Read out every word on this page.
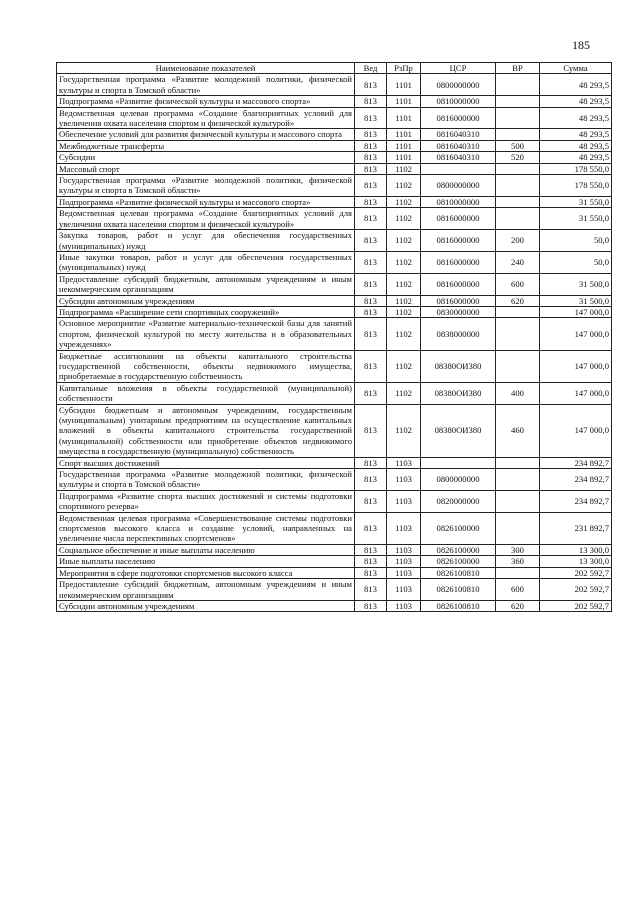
185
Наименование показателей	Вед	РзПр	ЦСР	ВР	Сумма
Государственная программа «Развитие молодежной политики, физической культуры и спорта в Томской области»	813	1101	0800000000		48 293,5
Подпрограмма «Развитие физической культуры и массового спорта»	813	1101	0810000000		48 293,5
Ведомственная целевая программа «Создание благоприятных условий для увеличения охвата населения спортом и физической культурой»	813	1101	0816000000		48 293,5
Обеспечение условий для развития физической культуры и массового спорта	813	1101	0816040310		48 293,5
Межбюджетные трансферты	813	1101	0816040310	500	48 293,5
Субсидии	813	1101	0816040310	520	48 293,5
Массовый спорт	813	1102			178 550,0
Государственная программа «Развитие молодежной политики, физической культуры и спорта в Томской области»	813	1102	0800000000		178 550,0
Подпрограмма «Развитие физической культуры и массового спорта»	813	1102	0810000000		31 550,0
Ведомственная целевая программа «Создание благоприятных условий для увеличения охвата населения спортом и физической культурой»	813	1102	0816000000		31 550,0
Закупка товаров, работ и услуг для обеспечения государственных (муниципальных) нужд	813	1102	0816000000	200	50,0
Иные закупки товаров, работ и услуг для обеспечения государственных (муниципальных) нужд	813	1102	0816000000	240	50,0
Предоставление субсидий бюджетным, автономным учреждениям и иным некоммерческим организациям	813	1102	0816000000	600	31 500,0
Субсидии автономным учреждениям	813	1102	0816000000	620	31 500,0
Подпрограмма «Расширение сети спортивных сооружений»	813	1102	0830000000		147 000,0
Основное мероприятие «Развитие материально-технической базы для занятий спортом, физической культурой по месту жительства и в образовательных учреждениях»	813	1102	0838000000		147 000,0
Бюджетные ассигнования на объекты капитального строительства государственной собственности, объекты недвижимого имущества, приобретаемые в государственную собственность	813	1102	08380ОИ380		147 000,0
Капитальные вложения в объекты государственной (муниципальной) собственности	813	1102	08380ОИ380	400	147 000,0
Субсидии бюджетным и автономным учреждениям, государственным (муниципальным) унитарным предприятиям на осуществление капитальных вложений в объекты капитального строительства государственной (муниципальной) собственности или приобретение объектов недвижимого имущества в государственную (муниципальную) собственность	813	1102	08380ОИ380	460	147 000,0
Спорт высших достижений	813	1103			234 892,7
Государственная программа «Развитие молодежной политики, физической культуры и спорта в Томской области»	813	1103	0800000000		234 892,7
Подпрограмма «Развитие спорта высших достижений и системы подготовки спортивного резерва»	813	1103	0820000000		234 892,7
Ведомственная целевая программа «Совершенствование системы подготовки спортсменов высокого класса и создание условий, направленных на увеличение числа перспективных спортсменов»	813	1103	0826100000		231 892,7
Социальное обеспечение и иные выплаты населению	813	1103	0826100000	300	13 300,0
Иные выплаты населению	813	1103	0826100000	360	13 300,0
Мероприятия в сфере подготовки спортсменов высокого класса	813	1103	0826100810		202 592,7
Предоставление субсидий бюджетным, автономным учреждениям и иным некоммерческим организациям	813	1103	0826100810	600	202 592,7
Субсидии автономным учреждениям	813	1103	0826100810	620	202 592,7
